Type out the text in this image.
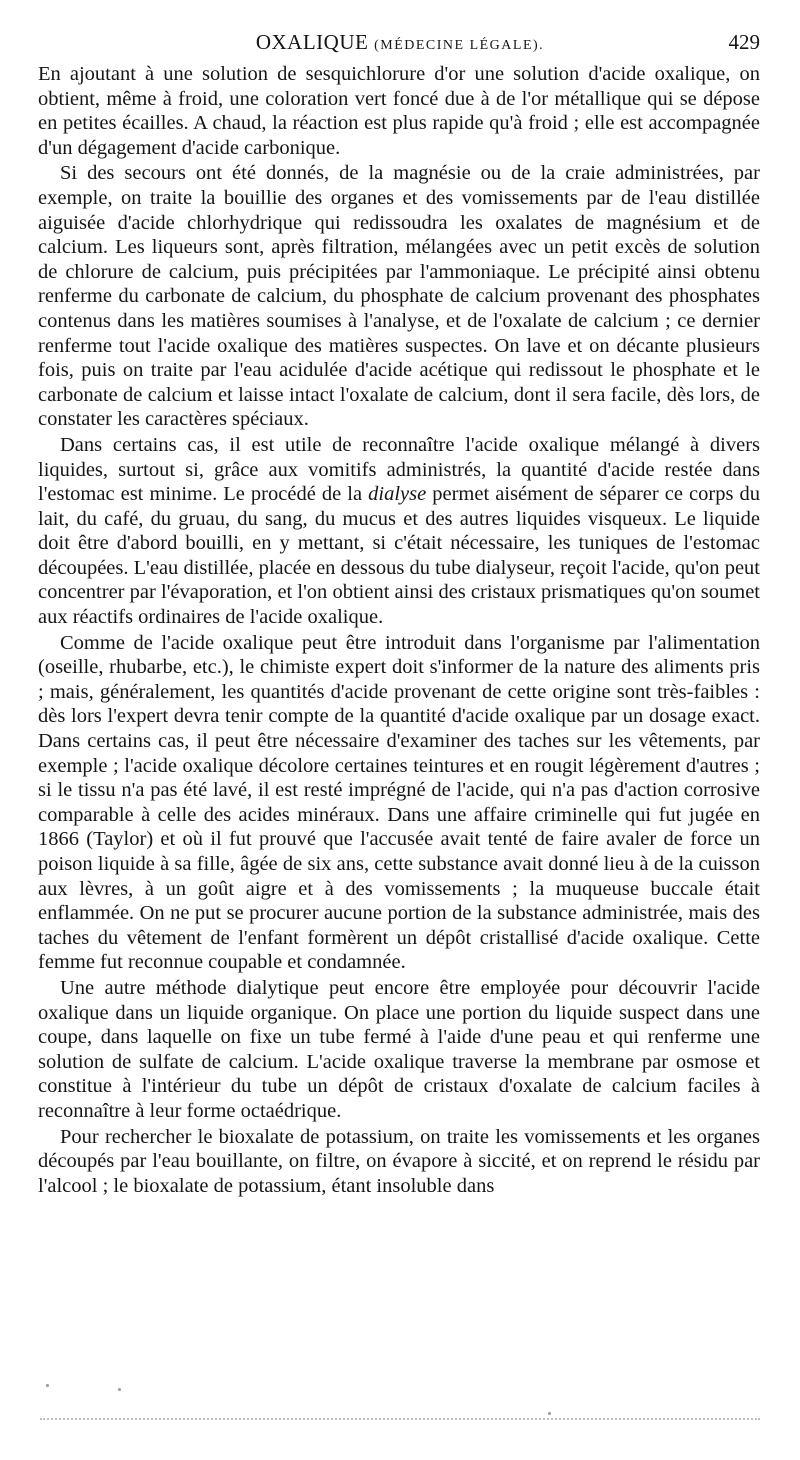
OXALIQUE (MÉDECINE LÉGALE).	429

En ajoutant à une solution de sesquichlorure d'or une solution d'acide oxalique, on obtient, même à froid, une coloration vert foncé due à de l'or métallique qui se dépose en petites écailles. A chaud, la réaction est plus rapide qu'à froid ; elle est accompagnée d'un dégagement d'acide carbonique.

Si des secours ont été donnés, de la magnésie ou de la craie administrées, par exemple, on traite la bouillie des organes et des vomissements par de l'eau distillée aiguisée d'acide chlorhydrique qui redissoudra les oxalates de magnésium et de calcium. Les liqueurs sont, après filtration, mélangées avec un petit excès de solution de chlorure de calcium, puis précipitées par l'ammoniaque. Le précipité ainsi obtenu renferme du carbonate de calcium, du phosphate de calcium provenant des phosphates contenus dans les matières soumises à l'analyse, et de l'oxalate de calcium ; ce dernier renferme tout l'acide oxalique des matières suspectes. On lave et on décante plusieurs fois, puis on traite par l'eau acidulée d'acide acétique qui redissout le phosphate et le carbonate de calcium et laisse intact l'oxalate de calcium, dont il sera facile, dès lors, de constater les caractères spéciaux.

Dans certains cas, il est utile de reconnaître l'acide oxalique mélangé à divers liquides, surtout si, grâce aux vomitifs administrés, la quantité d'acide restée dans l'estomac est minime. Le procédé de la dialyse permet aisément de séparer ce corps du lait, du café, du gruau, du sang, du mucus et des autres liquides visqueux. Le liquide doit être d'abord bouilli, en y mettant, si c'était nécessaire, les tuniques de l'estomac découpées. L'eau distillée, placée en dessous du tube dialyseur, reçoit l'acide, qu'on peut concentrer par l'évaporation, et l'on obtient ainsi des cristaux prismatiques qu'on soumet aux réactifs ordinaires de l'acide oxalique.

Comme de l'acide oxalique peut être introduit dans l'organisme par l'alimentation (oseille, rhubarbe, etc.), le chimiste expert doit s'informer de la nature des aliments pris ; mais, généralement, les quantités d'acide provenant de cette origine sont très-faibles : dès lors l'expert devra tenir compte de la quantité d'acide oxalique par un dosage exact. Dans certains cas, il peut être nécessaire d'examiner des taches sur les vêtements, par exemple ; l'acide oxalique décolore certaines teintures et en rougit légèrement d'autres ; si le tissu n'a pas été lavé, il est resté imprégné de l'acide, qui n'a pas d'action corrosive comparable à celle des acides minéraux. Dans une affaire criminelle qui fut jugée en 1866 (Taylor) et où il fut prouvé que l'accusée avait tenté de faire avaler de force un poison liquide à sa fille, âgée de six ans, cette substance avait donné lieu à de la cuisson aux lèvres, à un goût aigre et à des vomissements ; la muqueuse buccale était enflammée. On ne put se procurer aucune portion de la substance administrée, mais des taches du vêtement de l'enfant formèrent un dépôt cristallisé d'acide oxalique. Cette femme fut reconnue coupable et condamnée.

Une autre méthode dialytique peut encore être employée pour découvrir l'acide oxalique dans un liquide organique. On place une portion du liquide suspect dans une coupe, dans laquelle on fixe un tube fermé à l'aide d'une peau et qui renferme une solution de sulfate de calcium. L'acide oxalique traverse la membrane par osmose et constitue à l'intérieur du tube un dépôt de cristaux d'oxalate de calcium faciles à reconnaître à leur forme octaédrique.

Pour rechercher le bioxalate de potassium, on traite les vomissements et les organes découpés par l'eau bouillante, on filtre, on évapore à siccité, et on reprend le résidu par l'alcool ; le bioxalate de potassium, étant insoluble dans
